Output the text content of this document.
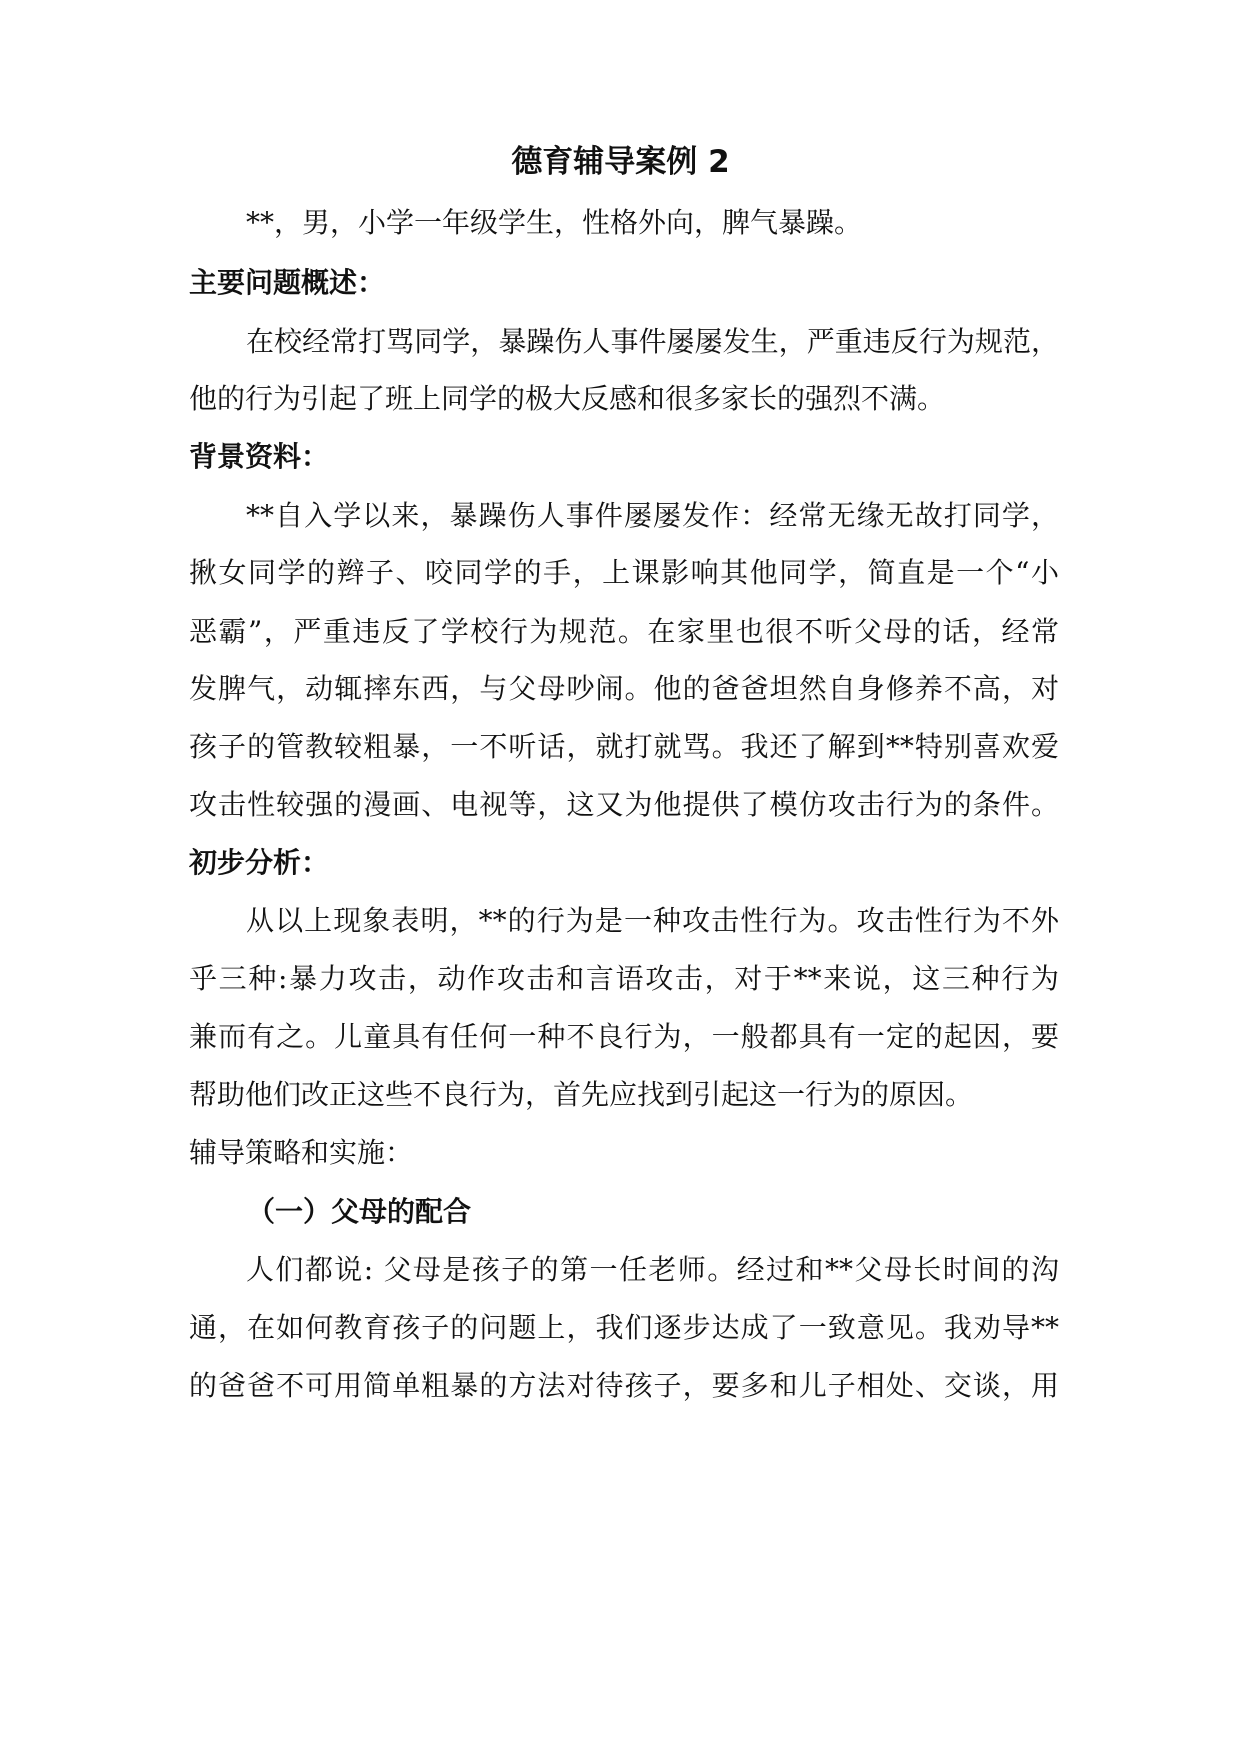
德育辅导案例 2
**，男，小学一年级学生，性格外向，脾气暴躁。
主要问题概述：
在校经常打骂同学，暴躁伤人事件屡屡发生，严重违反行为规范，
他的行为引起了班上同学的极大反感和很多家长的强烈不满。
背景资料：
**自入学以来，暴躁伤人事件屡屡发作：经常无缘无故打同学，
揪女同学的辫子、咬同学的手，上课影响其他同学，简直是一个“小
恶霸”，严重违反了学校行为规范。在家里也很不听父母的话，经常
发脾气，动辄摔东西，与父母吵闹。他的爸爸坦然自身修养不高，对
孩子的管教较粗暴，一不听话，就打就骂。我还了解到**特别喜欢爱
攻击性较强的漫画、电视等，这又为他提供了模仿攻击行为的条件。
初步分析：
从以上现象表明，**的行为是一种攻击性行为。攻击性行为不外
乎三种:暴力攻击，动作攻击和言语攻击，对于**来说，这三种行为
兼而有之。儿童具有任何一种不良行为，一般都具有一定的起因，要
帮助他们改正这些不良行为，首先应找到引起这一行为的原因。
辅导策略和实施：
（一）父母的配合
人们都说: 父母是孩子的第一任老师。经过和**父母长时间的沟
通，在如何教育孩子的问题上，我们逐步达成了一致意见。我劝导**
的爸爸不可用简单粗暴的方法对待孩子，要多和儿子相处、交谈，用
